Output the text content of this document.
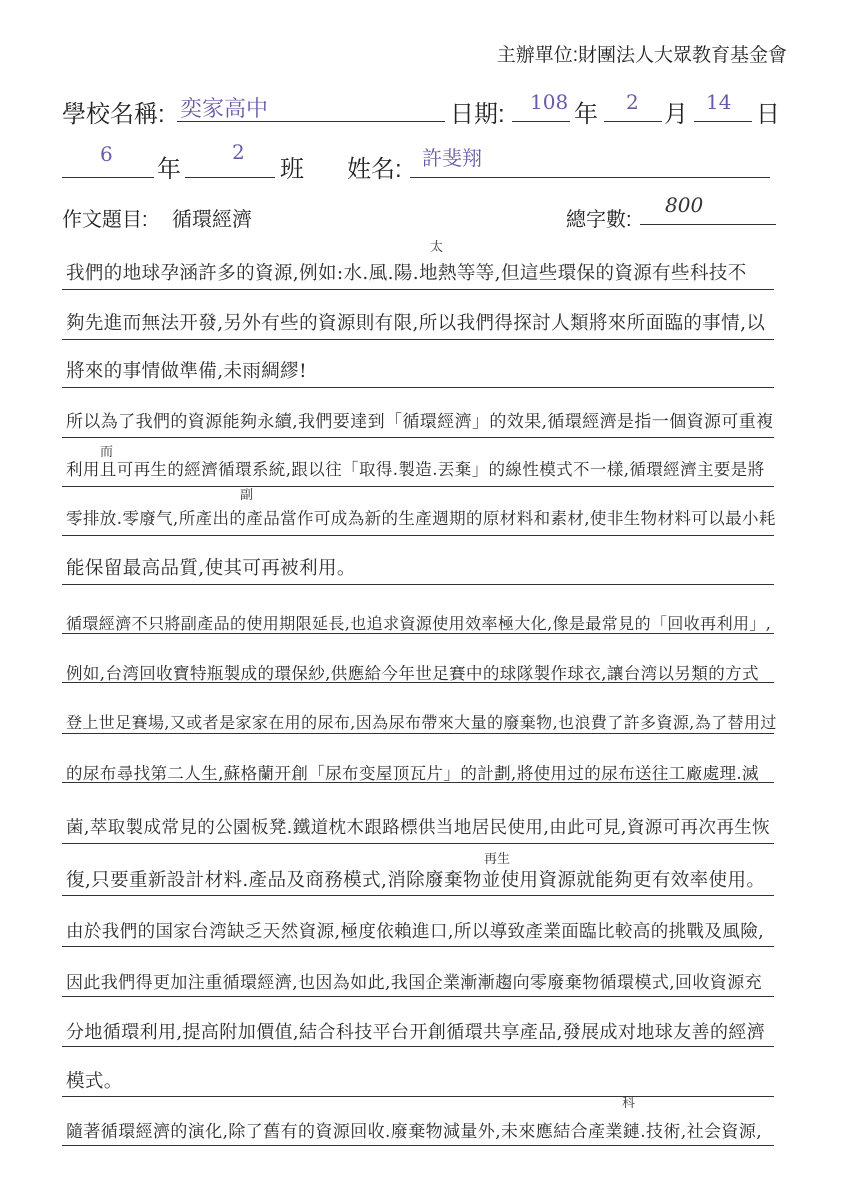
主辦單位:財團法人大眾教育基金會
學校名稱: 奕家高中	日期: 108 年 2 月 14 日
6
年
2
班 姓名: 許斐翔
作文題目: 循環經濟	總字數:
800
我們的地球孕涵許多的資源,例如:水.風.陽.地熱等等,但這些環保的資源有些科技不
夠先進而無法开發,另外有些的資源則有限,所以我們得探討人類將來所面臨的事情,以
將來的事情做準備,未雨綢繆!
所以為了我們的資源能夠永續,我們要達到「循環經濟」的效果,循環經濟是指一個資源可重複
利用且可再生的經濟循環系統,跟以往「取得.製造.丟棄」的線性模式不一樣,循環經濟主要是將
零排放.零廢气,所產出的產品當作可成為新的生產週期的原材料和素材,使非生物材料可以最小耗
能保留最高品質,使其可再被利用。
循環經濟不只將副產品的使用期限延長,也追求資源使用效率極大化,像是最常見的「回收再利用」,
例如,台湾回收寶特瓶製成的環保紗,供應給今年世足賽中的球隊製作球衣,讓台湾以另類的方式
登上世足賽場,又或者是家家在用的尿布,因為尿布帶來大量的廢棄物,也浪費了許多資源,為了替用过
的尿布尋找第二人生,蘇格蘭开創「尿布变屋顶瓦片」的計劃,將使用过的尿布送往工廠處理.滅
菌,萃取製成常見的公園板凳.鐵道枕木跟路標供当地居民使用,由此可見,資源可再次再生恢
復,只要重新設計材料.產品及商務模式,消除廢棄物並使用資源就能夠更有效率使用。
由於我們的国家台湾缺乏天然資源,極度依賴進口,所以導致產業面臨比較高的挑戰及風險,
因此我們得更加注重循環經濟,也因為如此,我国企業漸漸趨向零廢棄物循環模式,回收資源充
分地循環利用,提高附加價值,結合科技平台开創循環共享產品,發展成对地球友善的經濟
模式。
隨著循環經濟的演化,除了舊有的資源回收.廢棄物減量外,未來應結合產業鏈.技術,社会資源,
太
而
副
再生
科
